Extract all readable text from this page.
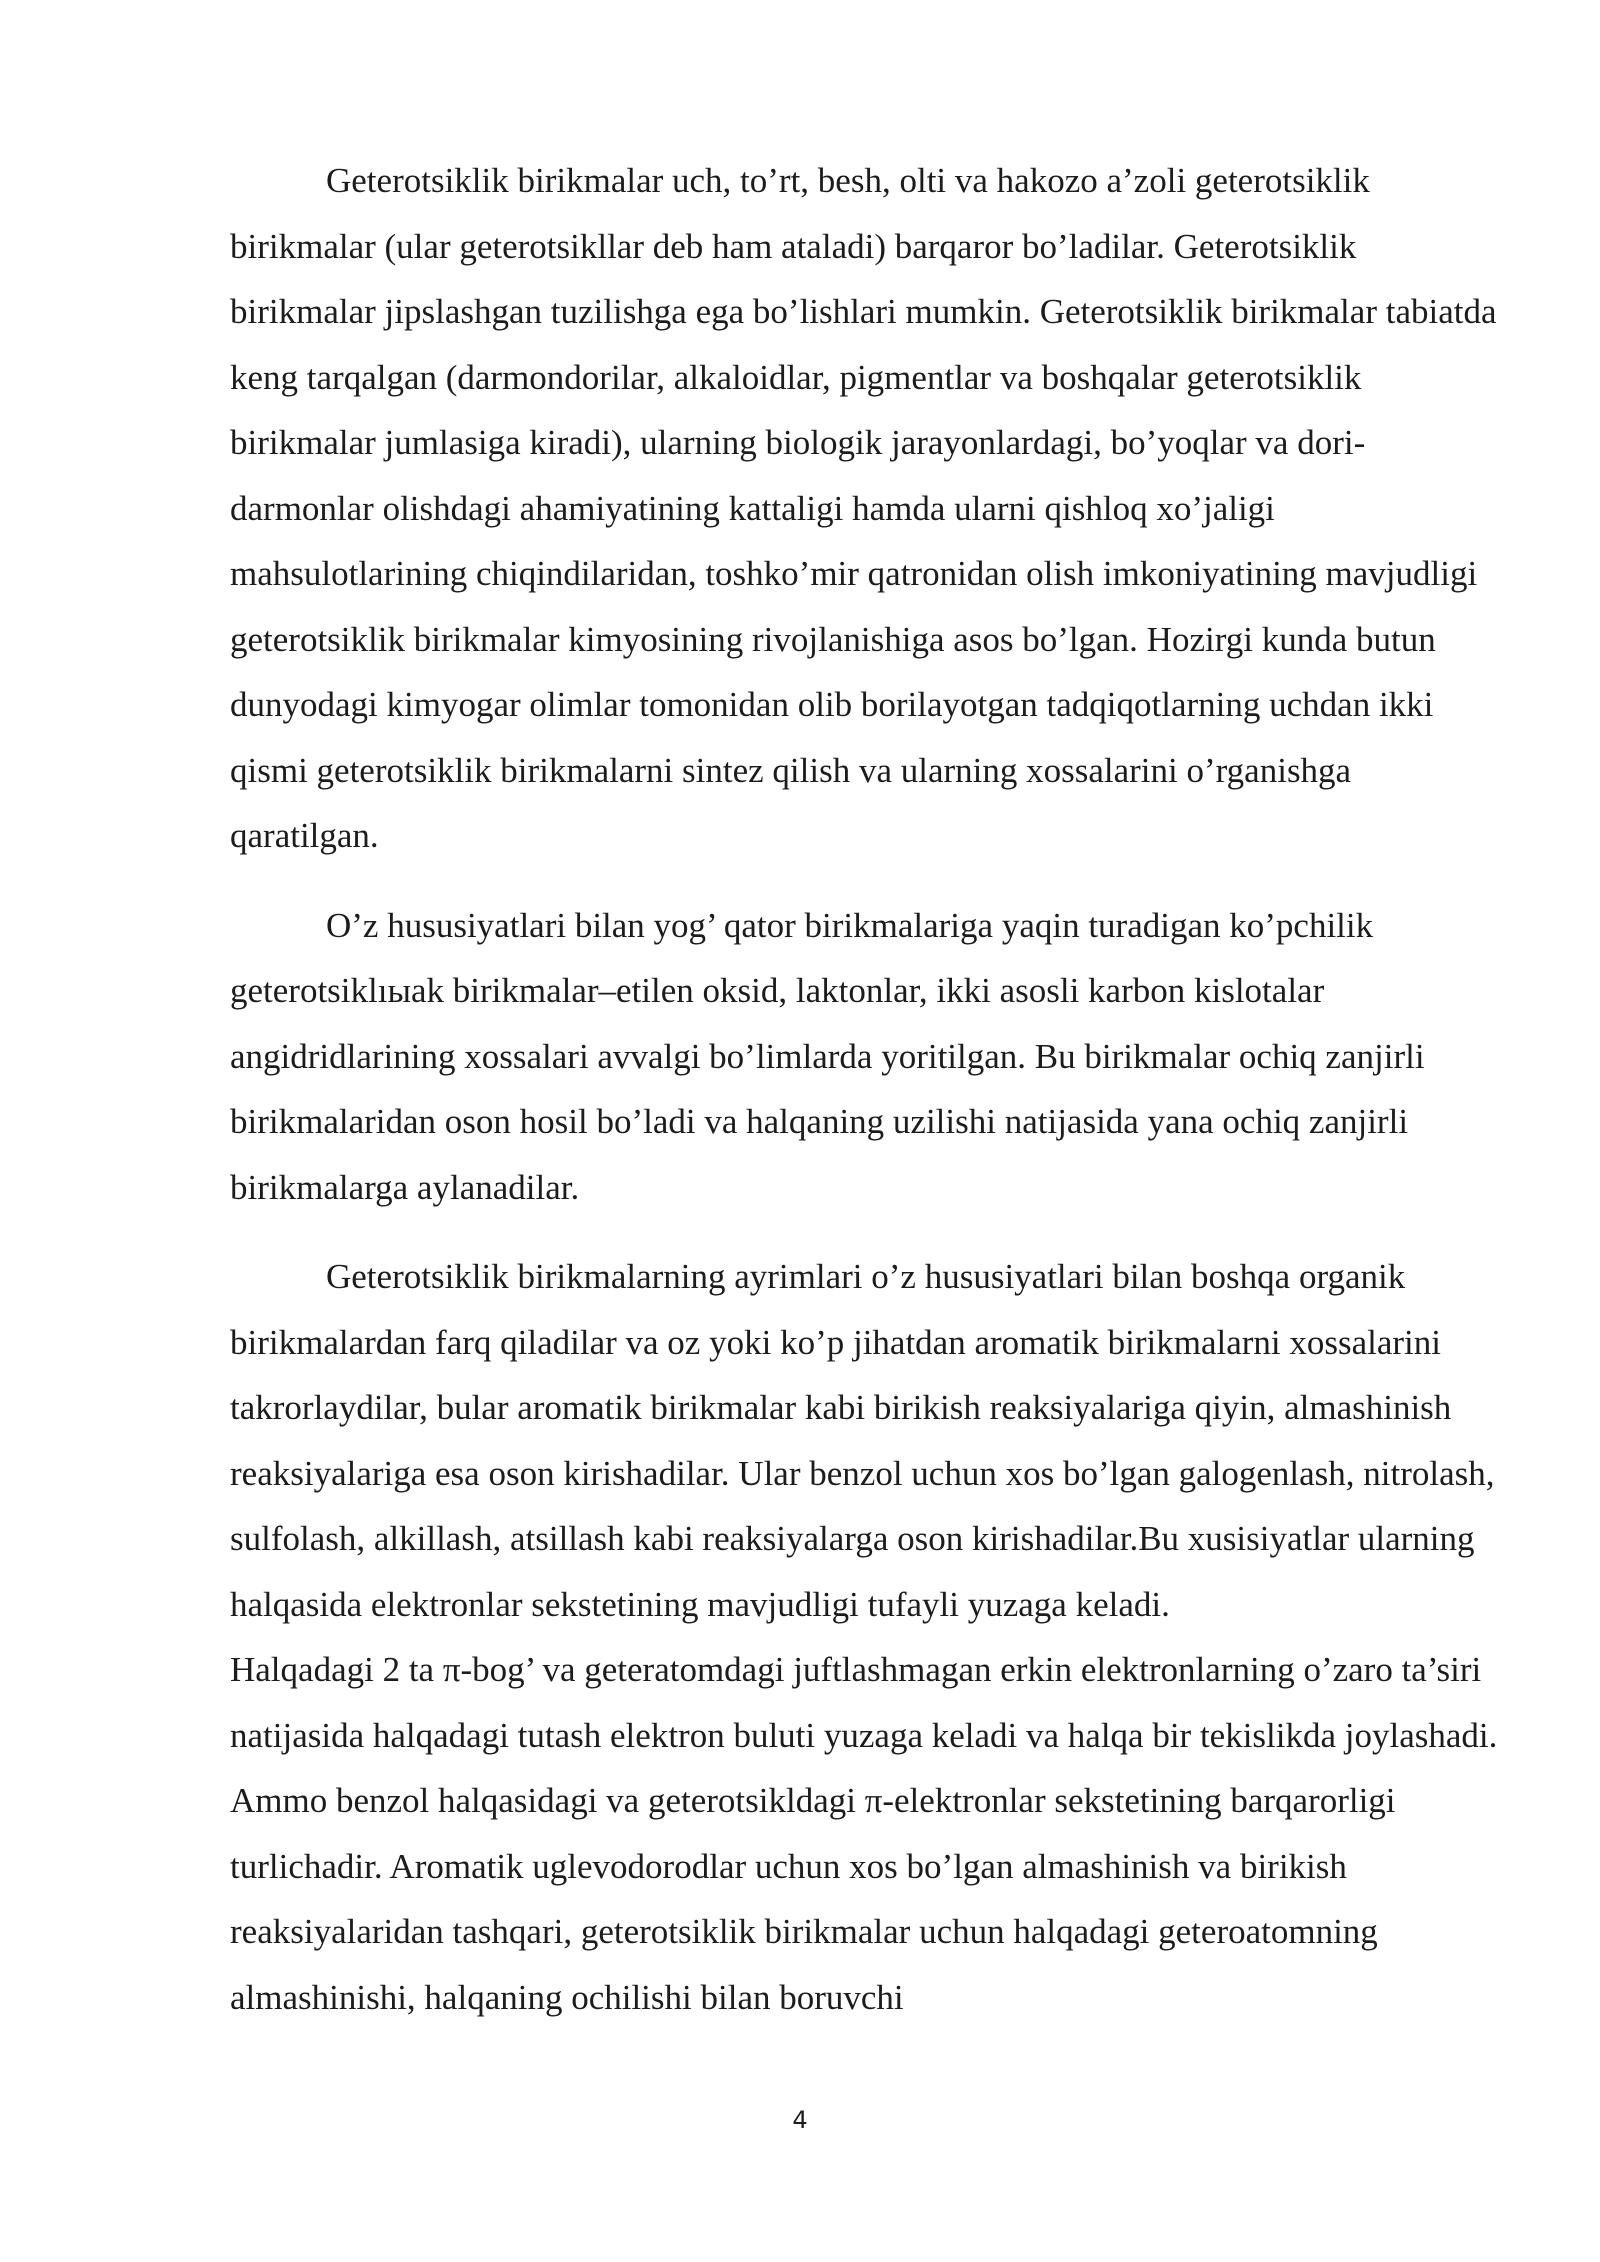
Geterotsiklik birikmalar uch, to’rt, besh, olti va hakozo a’zoli geterotsiklik birikmalar (ular geterotsikllar deb ham ataladi) barqaror bo’ladilar. Geterotsiklik birikmalar jipslashgan tuzilishga ega bo’lishlari mumkin. Geterotsiklik birikmalar tabiatda keng tarqalgan (darmondorilar, alkaloidlar, pigmentlar va boshqalar geterotsiklik birikmalar jumlasiga kiradi), ularning biologik jarayonlardagi, bo’yoqlar va dori-darmonlar olishdagi ahamiyatining kattaligi hamda ularni qishloq xo’jaligi mahsulotlarining chiqindilaridan, toshko’mir qatronidan olish imkoniyatining mavjudligi geterotsiklik birikmalar kimyosining rivojlanishiga asos bo’lgan. Hozirgi kunda butun dunyodagi kimyogar olimlar tomonidan olib borilayotgan tadqiqotlarning uchdan ikki qismi geterotsiklik birikmalarni sintez qilish va ularning xossalarini o’rganishga qaratilgan.

O’z hususiyatlari bilan yog’ qator birikmalariga yaqin turadigan ko’pchilik geterotsiklıыak birikmalar–etilen oksid, laktonlar, ikki asosli karbon kislotalar angidridlarining xossalari avvalgi bo’limlarda yoritilgan. Bu birikmalar ochiq zanjirli birikmalaridan oson hosil bo’ladi va halqaning uzilishi natijasida yana ochiq zanjirli birikmalarga aylanadilar.

Geterotsiklik birikmalarning ayrimlari o’z hususiyatlari bilan boshqa organik birikmalardan farq qiladilar va oz yoki ko’p jihatdan aromatik birikmalarni xossalarini takrorlaydilar, bular aromatik birikmalar kabi birikish reaksiyalariga qiyin, almashinish reaksiyalariga esa oson kirishadilar. Ular benzol uchun xos bo’lgan galogenlash, nitrolash, sulfolash, alkillash, atsillash kabi reaksiyalarga oson kirishadilar.Bu xusisiyatlar ularning halqasida elektronlar sekstetining mavjudligi tufayli yuzaga keladi.

Halqadagi 2 ta π-bog’ va geteratomdagi juftlashmagan erkin elektronlarning o’zaro ta’siri natijasida halqadagi tutash elektron buluti yuzaga keladi va halqa bir tekislikda joylashadi. Ammo benzol halqasidagi va geterotsikldagi π-elektronlar sekstetining barqarorligi turlichadir. Aromatik uglevodorodlar uchun xos bo’lgan almashinish va birikish reaksiyalaridan tashqari, geterotsiklik birikmalar uchun halqadagi geteroatomning almashinishi, halqaning ochilishi bilan boruvchi

4
